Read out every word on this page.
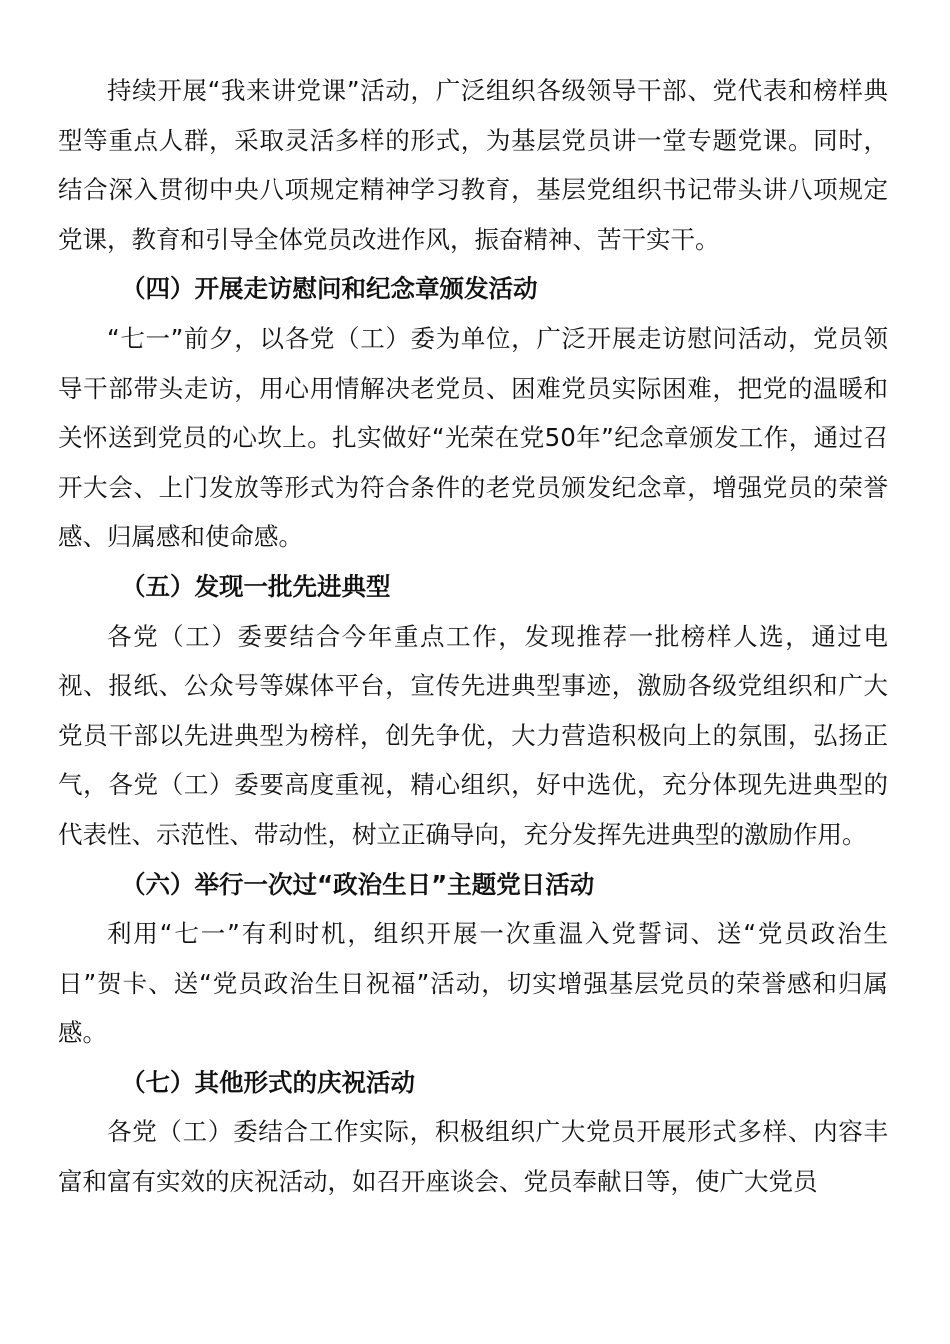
持续开展“我来讲党课”活动，广泛组织各级领导干部、党代表和榜样典型等重点人群，采取灵活多样的形式，为基层党员讲一堂专题党课。同时，结合深入贯彻中央八项规定精神学习教育，基层党组织书记带头讲八项规定党课，教育和引导全体党员改进作风，振奋精神、苦干实干。

（四）开展走访慰问和纪念章颁发活动

“七一”前夕，以各党（工）委为单位，广泛开展走访慰问活动，党员领导干部带头走访，用心用情解决老党员、困难党员实际困难，把党的温暖和关怀送到党员的心坎上。扎实做好“光荣在党50年”纪念章颁发工作，通过召开大会、上门发放等形式为符合条件的老党员颁发纪念章，增强党员的荣誉感、归属感和使命感。

（五）发现一批先进典型

各党（工）委要结合今年重点工作，发现推荐一批榜样人选，通过电视、报纸、公众号等媒体平台，宣传先进典型事迹，激励各级党组织和广大党员干部以先进典型为榜样，创先争优，大力营造积极向上的氛围，弘扬正气，各党（工）委要高度重视，精心组织，好中选优，充分体现先进典型的代表性、示范性、带动性，树立正确导向，充分发挥先进典型的激励作用。

（六）举行一次过“政治生日”主题党日活动

利用“七一”有利时机，组织开展一次重温入党誓词、送“党员政治生日”贺卡、送“党员政治生日祝福”活动，切实增强基层党员的荣誉感和归属感。

（七）其他形式的庆祝活动

各党（工）委结合工作实际，积极组织广大党员开展形式多样、内容丰富和富有实效的庆祝活动，如召开座谈会、党员奉献日等，使广大党员
